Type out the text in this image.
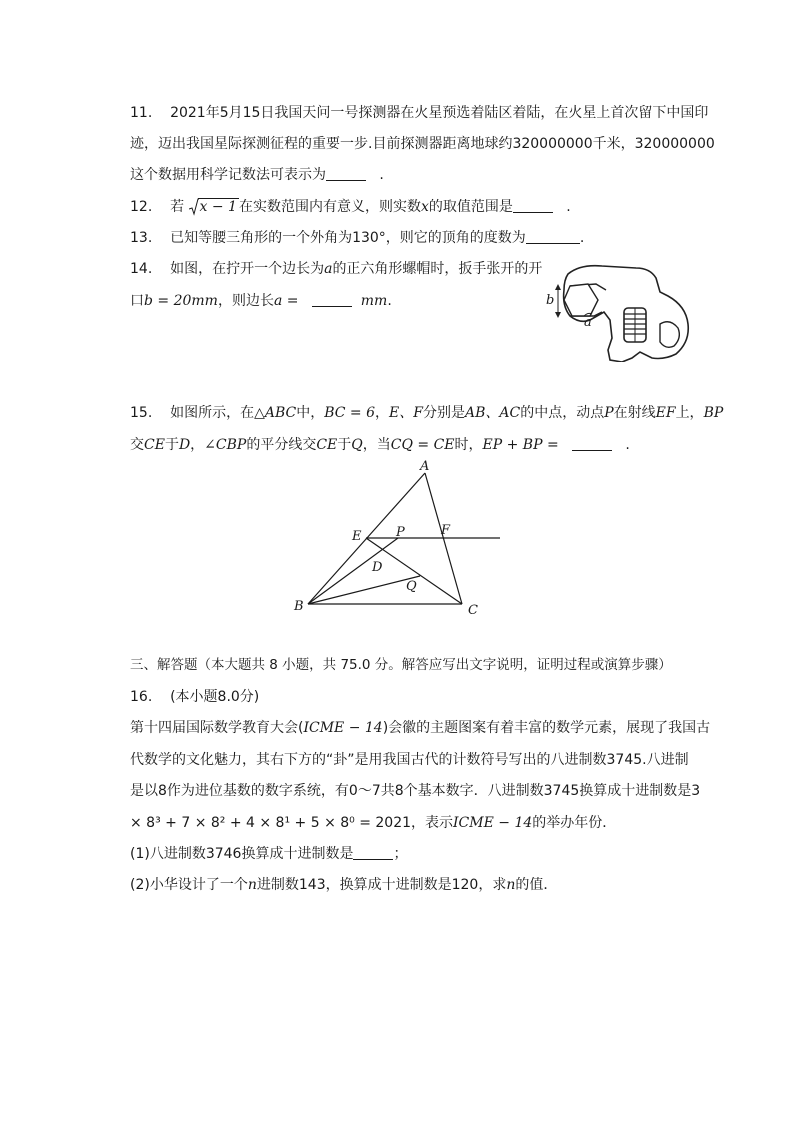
11. 2021年5月15日我国天问一号探测器在火星预选着陆区着陆，在火星上首次留下中国印
迹，迈出我国星际探测征程的重要一步.目前探测器距离地球约320000000千米，320000000
这个数据用科学记数法可表示为	.
12. 若 x − 1 在实数范围内有意义，则实数x的取值范围是	.
13. 已知等腰三角形的一个外角为130°，则它的顶角的度数为	.
14. 如图，在拧开一个边长为a的正六角形螺帽时，扳手张开的开
口b = 20mm，则边长a =	mm.	b
a
15. 如图所示，在△ABC中，BC = 6，E、F分别是AB、AC的中点，动点P在射线EF上，BP
交CE于D，∠CBP的平分线交CE于Q，当CQ = CE时，EP + BP =	.
A
B	C
E	F
P
D
Q
三、解答题（本大题共 8 小题，共 75.0 分。解答应写出文字说明，证明过程或演算步骤）
16. (本小题8.0分)
第十四届国际数学教育大会(ICME − 14)会徽的主题图案有着丰富的数学元素，展现了我国古
代数学的文化魅力，其右下方的“卦”是用我国古代的计数符号写出的八进制数3745.八进制
是以8作为进位基数的数字系统，有0～7共8个基本数字．八进制数3745换算成十进制数是3
× 8³ + 7 × 8² + 4 × 8¹ + 5 × 8⁰ = 2021，表示ICME − 14的举办年份．
(1)八进制数3746换算成十进制数是	；
(2)小华设计了一个n进制数143，换算成十进制数是120，求n的值．
